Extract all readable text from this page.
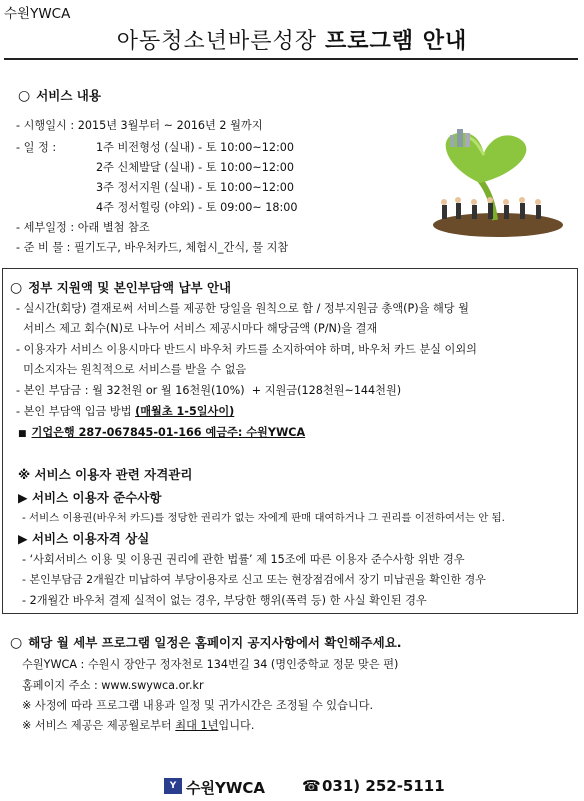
수원YWCA
아동청소년바른성장 프로그램 안내
○ 서비스 내용
- 시행일시 : 2015년 3월부터 ~ 2016년 2 월까지
- 일 정 :	1주 비전형성 (실내) - 토 10:00~12:00
2주 신체발달 (실내) - 토 10:00~12:00
3주 정서지원 (실내) - 토 10:00~12:00
4주 정서힐링 (야외) - 토 09:00~ 18:00
- 세부일정 : 아래 별첨 참조
- 준 비 물 : 필기도구, 바우처카드, 체험시_간식, 물 지참
○ 정부 지원액 및 본인부담액 납부 안내
- 실시간(회당) 결재로써 서비스를 제공한 당일을 원칙으로 함 / 정부지원금 총액(P)을 해당 월
서비스 제고 회수(N)로 나누어 서비스 제공시마다 해당금액 (P/N)을 결재
- 이용자가 서비스 이용시마다 반드시 바우처 카드를 소지하여야 하며, 바우처 카드 분실 이외의
미소지자는 원칙적으로 서비스를 받을 수 없음
- 본인 부담금 : 월 32천원 or 월 16천원(10%)  + 지원금(128천원~144천원)
- 본인 부담액 입금 방법 (매월초 1-5일사이)
■ 기업은행 287-067845-01-166 예금주: 수원YWCA
※ 서비스 이용자 관련 자격관리
▶ 서비스 이용자 준수사항
- 서비스 이용권(바우처 카드)를 정당한 권리가 없는 자에게 판매 대여하거나 그 권리를 이전하여서는 안 됨.
▶ 서비스 이용자격 상실
- ‘사회서비스 이용 및 이용권 권리에 관한 법률’ 제 15조에 따른 이용자 준수사항 위반 경우
- 본인부담금 2개월간 미납하여 부당이용자로 신고 또는 현장점검에서 장기 미납권을 확인한 경우
- 2개월간 바우처 결제 실적이 없는 경우, 부당한 행위(폭력 등) 한 사실 확인된 경우
○ 해당 월 세부 프로그램 일정은 홈페이지 공지사항에서 확인해주세요.
수원YWCA : 수원시 장안구 정자천로 134번길 34 (명인중학교 정문 맞은 편)
홈페이지 주소 : www.swywca.or.kr
※ 사정에 따라 프로그램 내용과 일정 및 귀가시간은 조정될 수 있습니다.
※ 서비스 제공은 제공월로부터 최대 1년입니다.
Y 수원YWCA ☎ 031) 252-5111
